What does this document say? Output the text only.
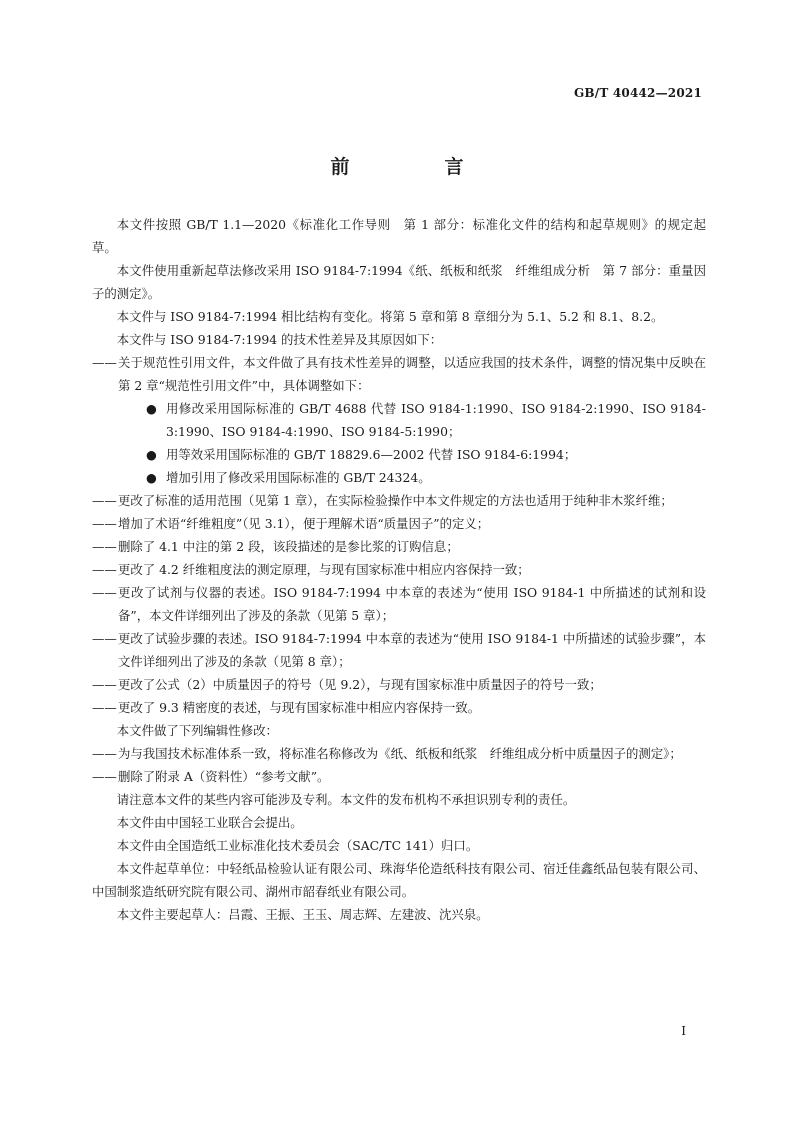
GB/T 40442—2021
前　言

本文件按照 GB/T 1.1—2020《标准化工作导则　第 1 部分：标准化文件的结构和起草规则》的规定起草。

本文件使用重新起草法修改采用 ISO 9184-7:1994《纸、纸板和纸浆　纤维组成分析　第 7 部分：重量因子的测定》。

本文件与 ISO 9184-7:1994 相比结构有变化。将第 5 章和第 8 章细分为 5.1、5.2 和 8.1、8.2。

本文件与 ISO 9184-7:1994 的技术性差异及其原因如下：

—— 关于规范性引用文件，本文件做了具有技术性差异的调整，以适应我国的技术条件，调整的情况集中反映在第 2 章“规范性引用文件”中，具体调整如下：
● 用修改采用国际标准的 GB/T 4688 代替 ISO 9184-1:1990、ISO 9184-2:1990、ISO 9184-3:1990、ISO 9184-4:1990、ISO 9184-5:1990；
● 用等效采用国际标准的 GB/T 18829.6—2002 代替 ISO 9184-6:1994；
● 增加引用了修改采用国际标准的 GB/T 24324。
—— 更改了标准的适用范围（见第 1 章），在实际检验操作中本文件规定的方法也适用于纯种非木浆纤维；
—— 增加了术语“纤维粗度”（见 3.1），便于理解术语“质量因子”的定义；
—— 删除了 4.1 中注的第 2 段，该段描述的是参比浆的订购信息；
—— 更改了 4.2 纤维粗度法的测定原理，与现有国家标准中相应内容保持一致；
—— 更改了试剂与仪器的表述。ISO 9184-7:1994 中本章的表述为“使用 ISO 9184-1 中所描述的试剂和设备”，本文件详细列出了涉及的条款（见第 5 章）；
—— 更改了试验步骤的表述。ISO 9184-7:1994 中本章的表述为“使用 ISO 9184-1 中所描述的试验步骤”，本文件详细列出了涉及的条款（见第 8 章）；
—— 更改了公式（2）中质量因子的符号（见 9.2），与现有国家标准中质量因子的符号一致；
—— 更改了 9.3 精密度的表述，与现有国家标准中相应内容保持一致。

本文件做了下列编辑性修改：

—— 为与我国技术标准体系一致，将标准名称修改为《纸、纸板和纸浆　纤维组成分析中质量因子的测定》；
—— 删除了附录 A（资料性）“参考文献”。

请注意本文件的某些内容可能涉及专利。本文件的发布机构不承担识别专利的责任。

本文件由中国轻工业联合会提出。

本文件由全国造纸工业标准化技术委员会（SAC/TC 141）归口。

本文件起草单位：中轻纸品检验认证有限公司、珠海华伦造纸科技有限公司、宿迁佳鑫纸品包装有限公司、中国制浆造纸研究院有限公司、湖州市韶春纸业有限公司。

本文件主要起草人：吕霞、王振、王玉、周志辉、左建波、沈兴泉。

I
